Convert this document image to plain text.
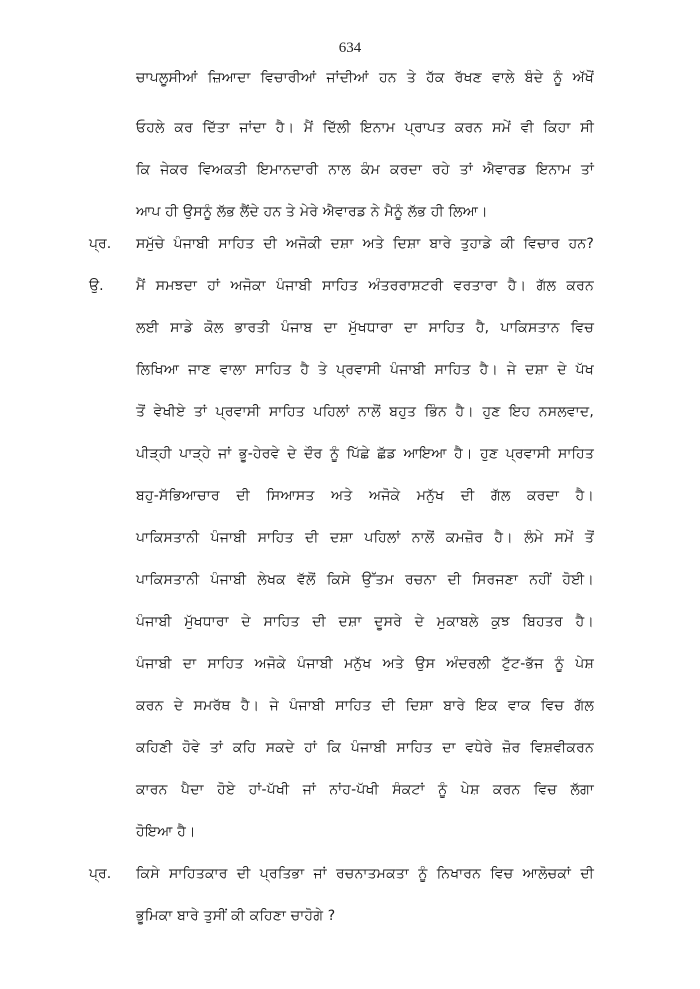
634
ਚਾਪਲੂਸੀਆਂ ਜ਼ਿਆਦਾ ਵਿਚਾਰੀਆਂ ਜਾਂਦੀਆਂ ਹਨ ਤੇ ਹੱਕ ਰੱਖਣ ਵਾਲੇ ਬੰਦੇ ਨੂੰ ਅੱਖੋਂ
ਓਹਲੇ ਕਰ ਦਿੱਤਾ ਜਾਂਦਾ ਹੈ। ਮੈਂ ਦਿੱਲੀ ਇਨਾਮ ਪ੍ਰਾਪਤ ਕਰਨ ਸਮੇਂ ਵੀ ਕਿਹਾ ਸੀ
ਕਿ ਜੇਕਰ ਵਿਅਕਤੀ ਇਮਾਨਦਾਰੀ ਨਾਲ ਕੰਮ ਕਰਦਾ ਰਹੇ ਤਾਂ ਐਵਾਰਡ ਇਨਾਮ ਤਾਂ
ਆਪ ਹੀ ਉਸਨੂੰ ਲੱਭ ਲੈਂਦੇ ਹਨ ਤੇ ਮੇਰੇ ਐਵਾਰਡ ਨੇ ਮੈਨੂੰ ਲੱਭ ਹੀ ਲਿਆ।
ਪ੍ਰ.	ਸਮੁੱਚੇ ਪੰਜਾਬੀ ਸਾਹਿਤ ਦੀ ਅਜੋਕੀ ਦਸ਼ਾ ਅਤੇ ਦਿਸ਼ਾ ਬਾਰੇ ਤੁਹਾਡੇ ਕੀ ਵਿਚਾਰ ਹਨ?
ਉ.	ਮੈਂ ਸਮਝਦਾ ਹਾਂ ਅਜੋਕਾ ਪੰਜਾਬੀ ਸਾਹਿਤ ਅੰਤਰਰਾਸ਼ਟਰੀ ਵਰਤਾਰਾ ਹੈ। ਗੱਲ ਕਰਨ
ਲਈ ਸਾਡੇ ਕੋਲ ਭਾਰਤੀ ਪੰਜਾਬ ਦਾ ਮੁੱਖਧਾਰਾ ਦਾ ਸਾਹਿਤ ਹੈ, ਪਾਕਿਸਤਾਨ ਵਿਚ
ਲਿਖਿਆ ਜਾਣ ਵਾਲਾ ਸਾਹਿਤ ਹੈ ਤੇ ਪ੍ਰਵਾਸੀ ਪੰਜਾਬੀ ਸਾਹਿਤ ਹੈ। ਜੇ ਦਸ਼ਾ ਦੇ ਪੱਖ
ਤੋਂ ਵੇਖੀਏ ਤਾਂ ਪ੍ਰਵਾਸੀ ਸਾਹਿਤ ਪਹਿਲਾਂ ਨਾਲੋਂ ਬਹੁਤ ਭਿੰਨ ਹੈ। ਹੁਣ ਇਹ ਨਸਲਵਾਦ,
ਪੀੜ੍ਹੀ ਪਾੜ੍ਹੇ ਜਾਂ ਭੂ-ਹੇਰਵੇ ਦੇ ਦੌਰ ਨੂੰ ਪਿੱਛੇ ਛੱਡ ਆਇਆ ਹੈ। ਹੁਣ ਪ੍ਰਵਾਸੀ ਸਾਹਿਤ
ਬਹੁ-ਸੱਭਿਆਚਾਰ ਦੀ ਸਿਆਸਤ ਅਤੇ ਅਜੋਕੇ ਮਨੁੱਖ ਦੀ ਗੱਲ ਕਰਦਾ ਹੈ।
ਪਾਕਿਸਤਾਨੀ ਪੰਜਾਬੀ ਸਾਹਿਤ ਦੀ ਦਸ਼ਾ ਪਹਿਲਾਂ ਨਾਲੋਂ ਕਮਜ਼ੋਰ ਹੈ। ਲੰਮੇ ਸਮੇਂ ਤੋਂ
ਪਾਕਿਸਤਾਨੀ ਪੰਜਾਬੀ ਲੇਖਕ ਵੱਲੋਂ ਕਿਸੇ ਉੱਤਮ ਰਚਨਾ ਦੀ ਸਿਰਜਣਾ ਨਹੀਂ ਹੋਈ।
ਪੰਜਾਬੀ ਮੁੱਖਧਾਰਾ ਦੇ ਸਾਹਿਤ ਦੀ ਦਸ਼ਾ ਦੂਸਰੇ ਦੇ ਮੁਕਾਬਲੇ ਕੁਝ ਬਿਹਤਰ ਹੈ।
ਪੰਜਾਬੀ ਦਾ ਸਾਹਿਤ ਅਜੋਕੇ ਪੰਜਾਬੀ ਮਨੁੱਖ ਅਤੇ ਉਸ ਅੰਦਰਲੀ ਟੁੱਟ-ਭੱਜ ਨੂੰ ਪੇਸ਼
ਕਰਨ ਦੇ ਸਮਰੱਥ ਹੈ। ਜੇ ਪੰਜਾਬੀ ਸਾਹਿਤ ਦੀ ਦਿਸ਼ਾ ਬਾਰੇ ਇਕ ਵਾਕ ਵਿਚ ਗੱਲ
ਕਹਿਣੀ ਹੋਵੇ ਤਾਂ ਕਹਿ ਸਕਦੇ ਹਾਂ ਕਿ ਪੰਜਾਬੀ ਸਾਹਿਤ ਦਾ ਵਧੇਰੇ ਜ਼ੋਰ ਵਿਸ਼ਵੀਕਰਨ
ਕਾਰਨ ਪੈਦਾ ਹੋਏ ਹਾਂ-ਪੱਖੀ ਜਾਂ ਨਾਂਹ-ਪੱਖੀ ਸੰਕਟਾਂ ਨੂੰ ਪੇਸ਼ ਕਰਨ ਵਿਚ ਲੱਗਾ
ਹੋਇਆ ਹੈ।
ਪ੍ਰ.	ਕਿਸੇ ਸਾਹਿਤਕਾਰ ਦੀ ਪ੍ਰਤਿਭਾ ਜਾਂ ਰਚਨਾਤਮਕਤਾ ਨੂੰ ਨਿਖਾਰਨ ਵਿਚ ਆਲੋਚਕਾਂ ਦੀ
ਭੂਮਿਕਾ ਬਾਰੇ ਤੁਸੀਂ ਕੀ ਕਹਿਣਾ ਚਾਹੋਗੇ ?
